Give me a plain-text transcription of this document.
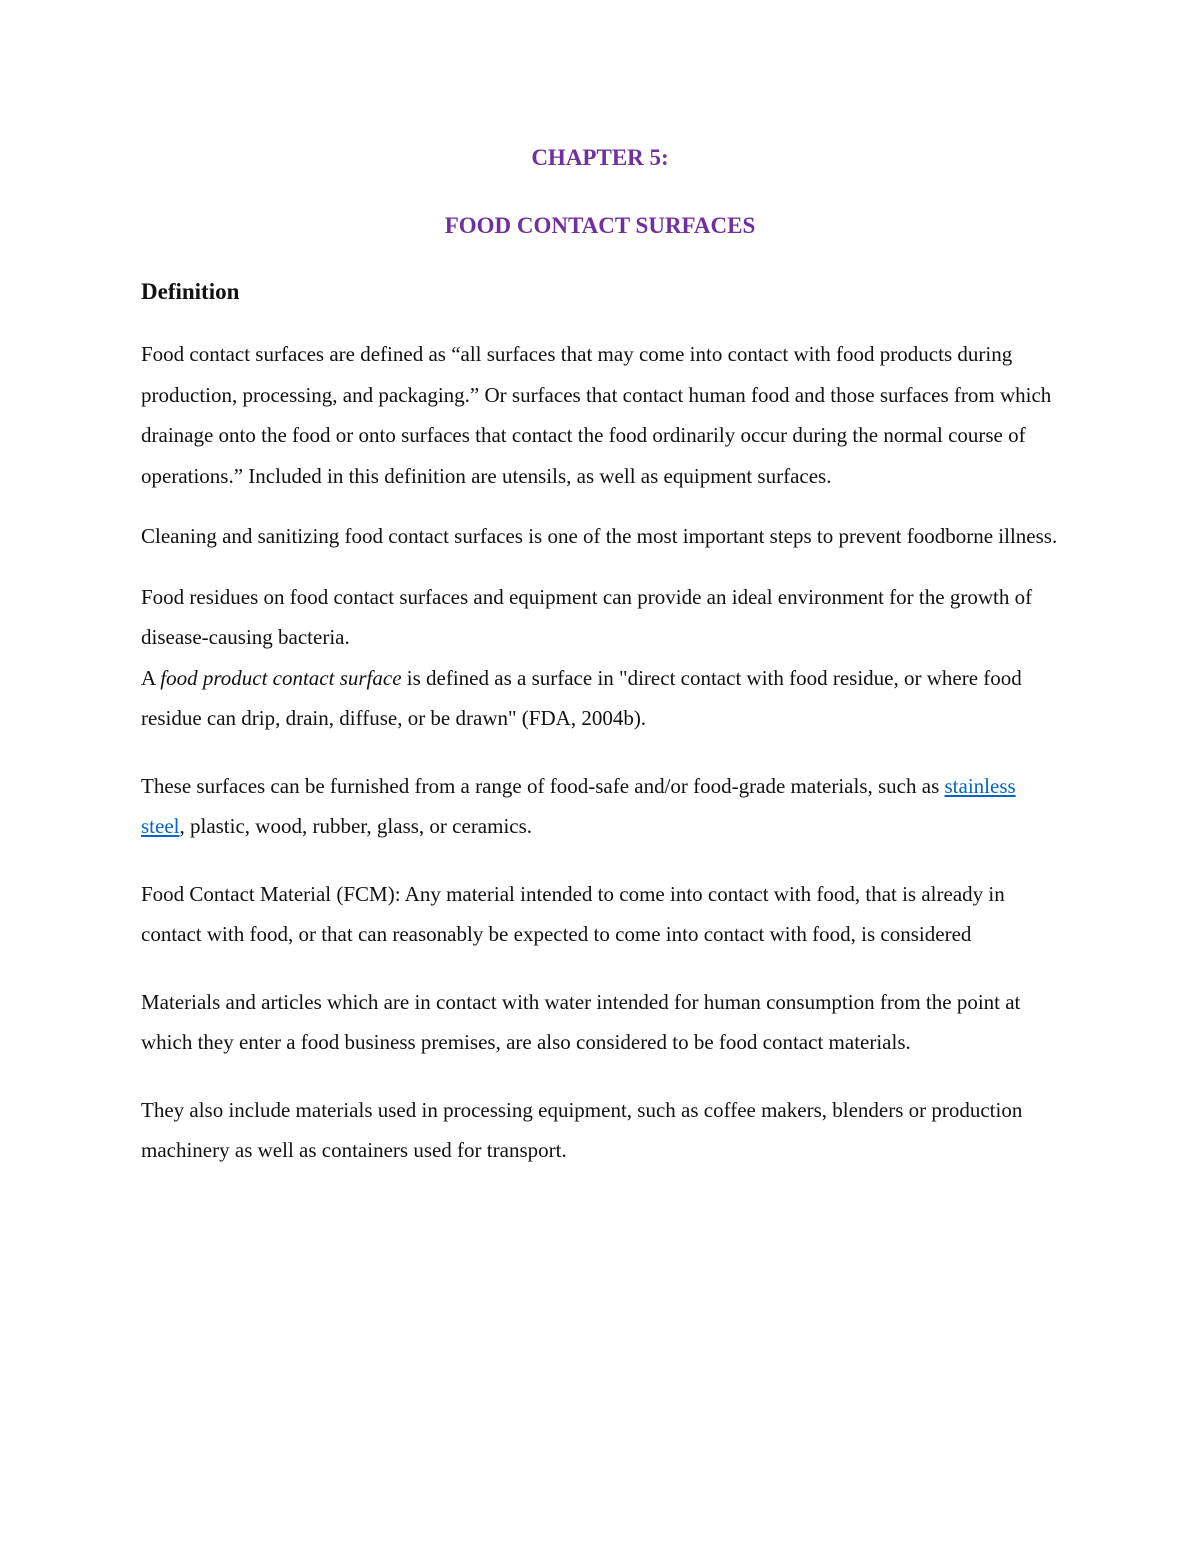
CHAPTER 5:
FOOD CONTACT SURFACES
Definition

Food contact surfaces are defined as “all surfaces that may come into contact with food products during production, processing, and packaging.” Or surfaces that contact human food and those surfaces from which drainage onto the food or onto surfaces that contact the food ordinarily occur during the normal course of operations.” Included in this definition are utensils, as well as equipment surfaces.

Cleaning and sanitizing food contact surfaces is one of the most important steps to prevent foodborne illness.

Food residues on food contact surfaces and equipment can provide an ideal environment for the growth of disease-causing bacteria.

A food product contact surface is defined as a surface in "direct contact with food residue, or where food residue can drip, drain, diffuse, or be drawn" (FDA, 2004b).

These surfaces can be furnished from a range of food-safe and/or food-grade materials, such as stainless steel, plastic, wood, rubber, glass, or ceramics.

Food Contact Material (FCM): Any material intended to come into contact with food, that is already in contact with food, or that can reasonably be expected to come into contact with food, is considered

Materials and articles which are in contact with water intended for human consumption from the point at which they enter a food business premises, are also considered to be food contact materials.

They also include materials used in processing equipment, such as coffee makers, blenders or production machinery as well as containers used for transport.
